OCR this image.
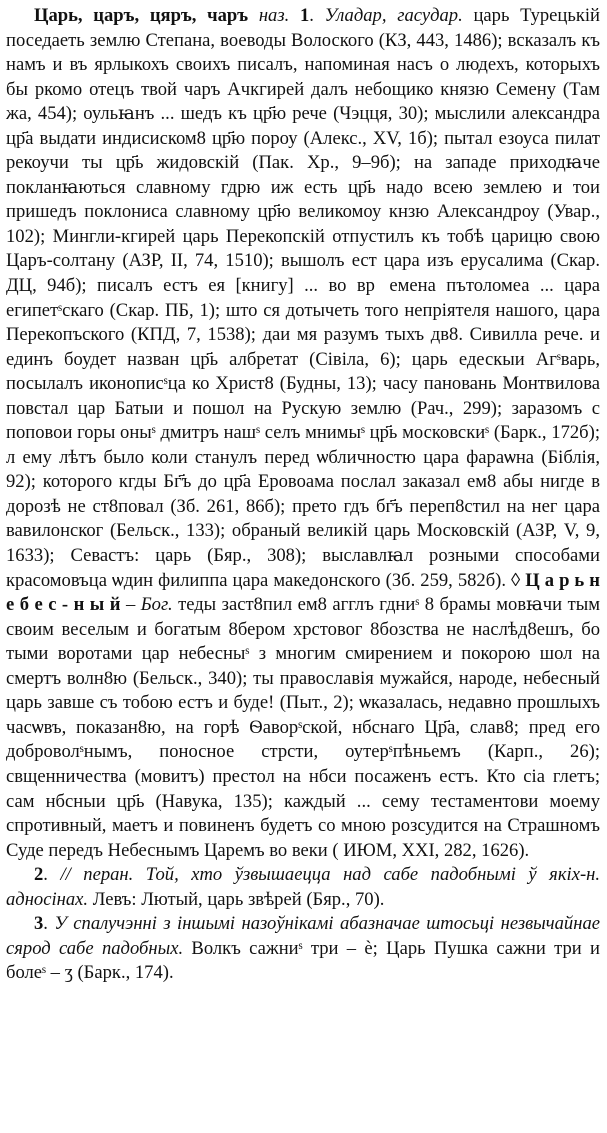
Царь, царъ, цяръ, чаръ наз. 1. Уладар, гасудар. царь Турецькій поседаеть землю Степана, воеводы Волоского (КЗ, 443, 1486); всказалъ къ намъ и въ ярлыкохъ своихъ писалъ, напоминая насъ о людехъ, которыхъ бы ркомо отецъ твой чаръ Ачкгирей далъ небощико князю Семену (Там жа, 454); оульꙗнъ ... шедъ къ цр҃ю рече (Чэцця, 30); мыслили александра цр҃а выдати индисиском8 цр҃ю пороу (Алекс., XV, 1б); пытал езоуса пилат рекоучи ты цр҃ь жидовскій (Пак. Хр., 9–9б); на западе приходꙗче покланꙗються славному гдрю иж есть цр҃ь надо всею землею и тои пришедъ поклониса славному цр҃ю великомоу кнзю Александроу (Увар., 102); Мингли-кгирей царь Перекопскій отпустилъ къ тобѣ царицю свою Царъ-солтану (АЗР, II, 74, 1510); вышолъ ест цара изъ ерусалима (Скар. ДЦ, 94б); писалъ естъ ея [книгу] ... во врⷷемена пътоломеа ... цара египетˢскаго (Скар. ПБ, 1); што ся дотычеть того непріятеля нашого, цара Перекопъского (КПД, 7, 1538); даи мя разумъ тыхъ дв8. Сивилла рече. и единъ боудет назван цр҃ь албретат (Сівіла, 6); царь едескыи Агˢварь, посылалъ иконописˢца ко Христ8 (Будны, 13); часу пановань Монтвилова повстал цар Батыи и пошол на Рускую землю (Рач., 299); заразомъ с поповои горы оныˢ дмитръ нашˢ селъ мнимыˢ цр҃ь московскиˢ (Барк., 172б); л ему лѣтъ было коли станулъ перед ѡбличностю цара фараѡна (Біблія, 92); которого кгды Бг҃ъ до цр҃а Еровоама послал заказал ем8 абы нигде в дорозѣ не ст8повал (Зб. 261, 86б); прето гдъ бг҃ъ переп8стил на нег цара вавилонског (Бельск., 133); обраный великій царь Московскій (АЗР, V, 9, 1633); Севастъ: царь (Бяр., 308); выславлꙗл розными способами красомовъца ѡдин филиппа цара македонского (Зб. 259, 582б). ◊ Ц а р ь н е б е с - н ы й – Бог. теды заст8пил ем8 агглъ гдниˢ 8 брамы мовꙗчи тым своим веселым и богатым 8бером хрстовог 8бозства не наслѣд8ешъ, бо тыми воротами цар небесныˢ з многим смирением и покорою шол на смертъ волн8ю (Бельск., 340); ты православія мужайся, народе, небесный царь завше съ тобою естъ и буде! (Пыт., 2); ѡказалась, недавно прошлыхъ часѡвъ, показан8ю, на горѣ Ѳаворˢской, нбснаго Цр҃а, слав8; пред его доброволˢнымъ, поносное стрсти, оутерˢпѣньемъ (Карп., 26); свщенничества (мовитъ) престол на нбси посаженъ естъ. Кто сіа глетъ; сам нбсныи цр҃ь (Навука, 135); каждый ... сему тестаментови моему спротивный, маетъ и повиненъ будетъ со мною розсудится на Страшномъ Суде передъ Небеснымъ Царемъ во веки ( ИЮМ, XXI, 282, 1626).

2. // перан. Той, хто ўзвышаецца над сабе падобнымі ў якіх-н. адносінах. Левъ: Лютый, царь звѣрей (Бяр., 70).

3. У спалучэнні з іншымі назоўнікамі абазначае штосьці незвычайнае сярод сабе падобных. Волкъ сажниˢ три – ѐ; Царь Пушка сажни три и болеˢ – ӡ (Барк., 174).
